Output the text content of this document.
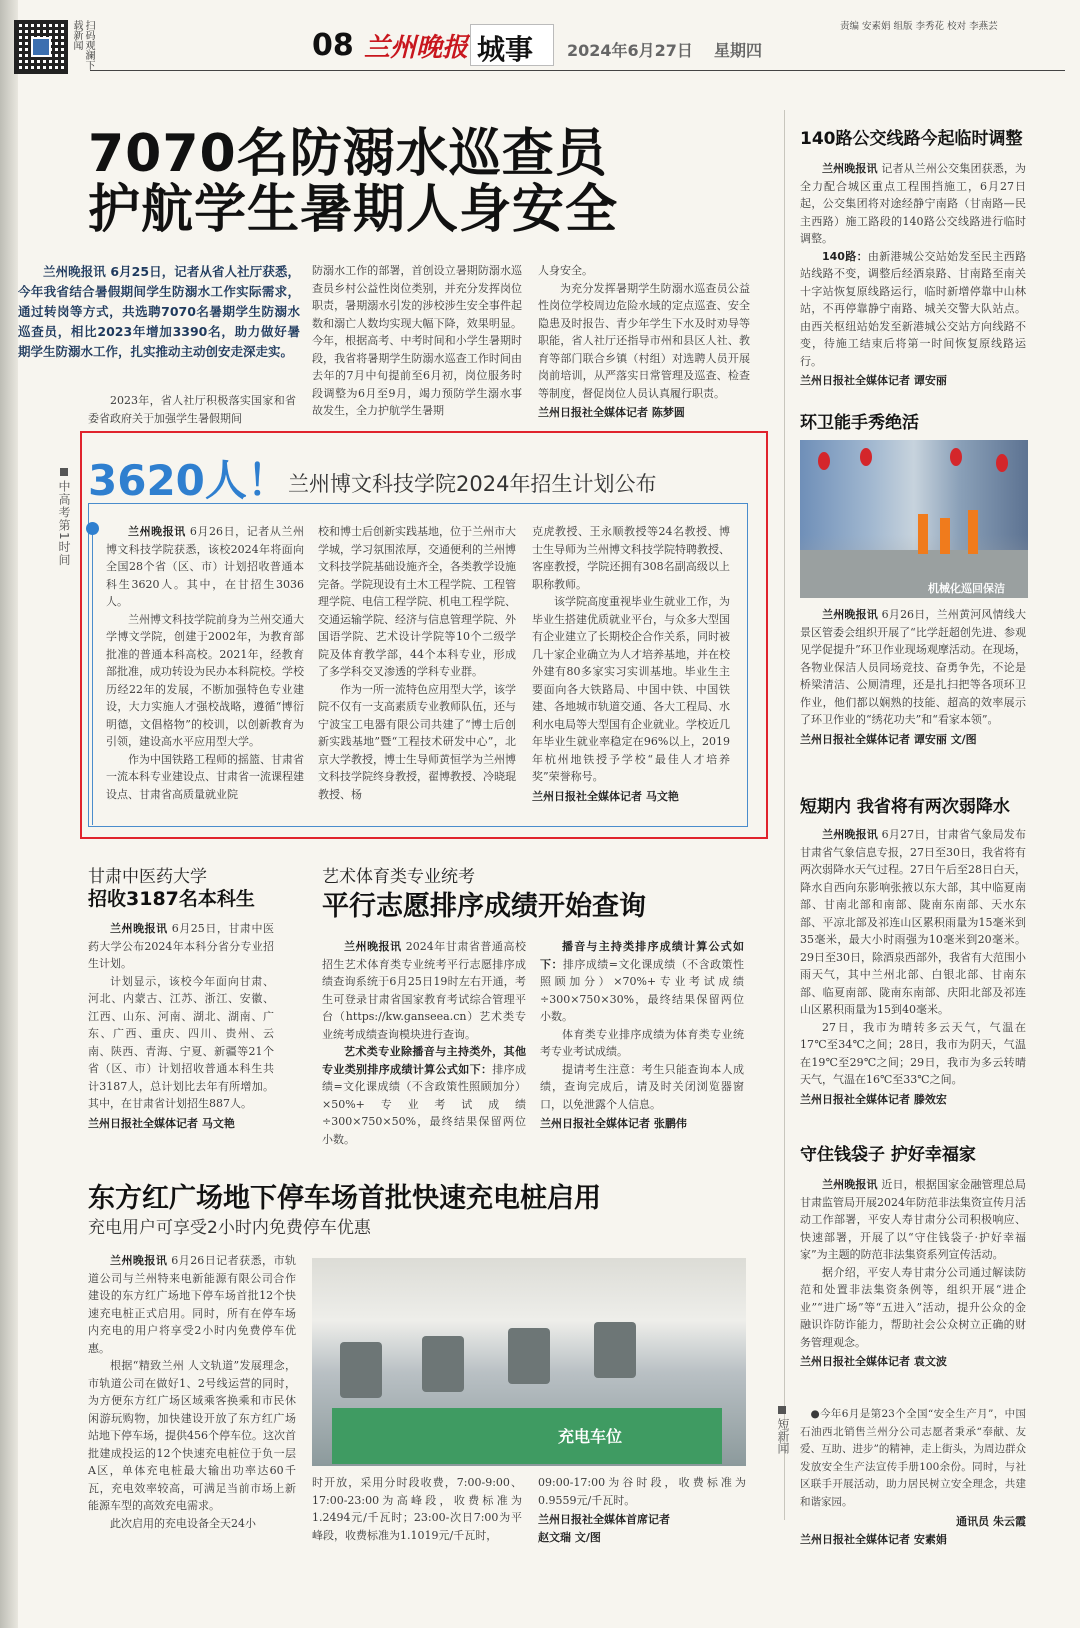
扫码观澜下载新闻	08 兰州晚报 城事 2024年6月27日 星期四
责编 安素娟 组版 李秀花 校对 李燕芸
7070名防溺水巡查员
护航学生暑期人身安全
兰州晚报讯 6月25日，记者从省人社厅获悉，今年我省结合暑假期间学生防溺水工作实际需求，通过转岗等方式，共选聘7070名暑期学生防溺水巡查员，相比2023年增加3390名，助力做好暑期学生防溺水工作，扎实推动主动创安走深走实。

2023年，省人社厅积极落实国家和省委省政府关于加强学生暑假期间

防溺水工作的部署，首创设立暑期防溺水巡查员乡村公益性岗位类别，并充分发挥岗位职责，暑期溺水引发的涉校涉生安全事件起数和溺亡人数均实现大幅下降，效果明显。今年，根据高考、中考时间和小学生暑期时段，我省将暑期学生防溺水巡查工作时间由去年的7月中旬提前至6月初，岗位服务时段调整为6月至9月，竭力预防学生溺水事故发生，全力护航学生暑期

人身安全。

为充分发挥暑期学生防溺水巡查员公益性岗位学校周边危险水域的定点巡查、安全隐患及时报告、青少年学生下水及时劝导等职能，省人社厅还指导市州和县区人社、教育等部门联合乡镇（村组）对选聘人员开展岗前培训，从严落实日常管理及巡查、检查等制度，督促岗位人员认真履行职责。

兰州日报社全媒体记者 陈梦圆
中高考第1时间 3620人！ 兰州博文科技学院2024年招生计划公布

兰州晚报讯 6月26日，记者从兰州博文科技学院获悉，该校2024年将面向全国28个省（区、市）计划招收普通本科生3620人。其中，在甘招生3036人。

兰州博文科技学院前身为兰州交通大学博文学院，创建于2002年，为教育部批准的普通本科高校。2021年，经教育部批准，成功转设为民办本科院校。学校历经22年的发展，不断加强特色专业建设，大力实施人才强校战略，遵循“博衍明德，文倡格物”的校训，以创新教育为引领，建设高水平应用型大学。

作为中国铁路工程师的摇篮、甘肃省一流本科专业建设点、甘肃省一流课程建设点、甘肃省高质量就业院

校和博士后创新实践基地，位于兰州市大学城，学习氛围浓厚，交通便利的兰州博文科技学院基础设施齐全，各类教学设施完备。学院现设有土木工程学院、工程管理学院、电信工程学院、机电工程学院、交通运输学院、经济与信息管理学院、外国语学院、艺术设计学院等10个二级学院及体育教学部，44个本科专业，形成了多学科交叉渗透的学科专业群。

作为一所一流特色应用型大学，该学院不仅有一支高素质专业教师队伍，还与宁波宝工电器有限公司共建了“博士后创新实践基地”暨“工程技术研发中心”，北京大学教授，博士生导师黄恒学为兰州博文科技学院终身教授，翟博教授、冷晓琨教授、杨

克虎教授、王永顺教授等24名教授、博士生导师为兰州博文科技学院特聘教授、客座教授，学院还拥有308名副高级以上职称教师。

该学院高度重视毕业生就业工作，为毕业生搭建优质就业平台，与众多大型国有企业建立了长期校企合作关系，同时被几十家企业确立为人才培养基地，并在校外建有80多家实习实训基地。毕业生主要面向各大铁路局、中国中铁、中国铁建、各地城市轨道交通、各大工程局、水利水电局等大型国有企业就业。学校近几年毕业生就业率稳定在96%以上，2019年杭州地铁授予学校“最佳人才培养奖”荣誉称号。

兰州日报社全媒体记者 马文艳
甘肃中医药大学
招收3187名本科生

兰州晚报讯 6月25日，甘肃中医药大学公布2024年本科分省分专业招生计划。

计划显示，该校今年面向甘肃、河北、内蒙古、江苏、浙江、安徽、江西、山东、河南、湖北、湖南、广东、广西、重庆、四川、贵州、云南、陕西、青海、宁夏、新疆等21个省（区、市）计划招收普通本科生共计3187人，总计划比去年有所增加。其中，在甘肃省计划招生887人。

兰州日报社全媒体记者 马文艳
艺术体育类专业统考
平行志愿排序成绩开始查询

兰州晚报讯 2024年甘肃省普通高校招生艺术体育类专业统考平行志愿排序成绩查询系统于6月25日19时左右开通，考生可登录甘肃省国家教育考试综合管理平台（https://kw.ganseea.cn）艺术类专业统考成绩查询模块进行查询。

艺术类专业除播音与主持类外，其他专业类别排序成绩计算公式如下：排序成绩=文化课成绩（不含政策性照顾加分）×50%+专业考试成绩÷300×750×50%，最终结果保留两位小数。

播音与主持类排序成绩计算公式如下：排序成绩=文化课成绩（不含政策性照顾加分）×70%+专业考试成绩÷300×750×30%，最终结果保留两位小数。

体育类专业排序成绩为体育类专业统考专业考试成绩。

提请考生注意：考生只能查询本人成绩，查询完成后，请及时关闭浏览器窗口，以免泄露个人信息。

兰州日报社全媒体记者 张鹏伟
东方红广场地下停车场首批快速充电桩启用
充电用户可享受2小时内免费停车优惠

兰州晚报讯 6月26日记者获悉，市轨道公司与兰州特来电新能源有限公司合作建设的东方红广场地下停车场首批12个快速充电桩正式启用。同时，所有在停车场内充电的用户将享受2小时内免费停车优惠。

根据“精致兰州 人文轨道”发展理念，市轨道公司在做好1、2号线运营的同时，为方便东方红广场区域乘客换乘和市民休闲游玩购物，加快建设开放了东方红广场站地下停车场，提供456个停车位。这次首批建成投运的12个快速充电桩位于负一层A区，单体充电桩最大输出功率达60千瓦，充电效率较高，可满足当前市场上新能源车型的高效充电需求。

此次启用的充电设备全天24小

充电车位

时开放，采用分时段收费，7:00-9:00、17:00-23:00为高峰段，收费标准为1.2494元/千瓦时；23:00-次日7:00为平峰段，收费标准为1.1019元/千瓦时，

09:00-17:00为谷时段，收费标准为0.9559元/千瓦时。

兰州日报社全媒体首席记者
赵文瑞 文/图
140路公交线路今起临时调整

兰州晚报讯 记者从兰州公交集团获悉，为全力配合城区重点工程围挡施工，6月27日起，公交集团将对途经静宁南路（甘南路—民主西路）施工路段的140路公交线路进行临时调整。

140路：由新港城公交站始发至民主西路站线路不变，调整后经酒泉路、甘南路至南关十字站恢复原线路运行，临时新增停靠中山林站，不再停靠静宁南路、城关交警大队站点。由西关枢纽站始发至新港城公交站方向线路不变，待施工结束后将第一时间恢复原线路运行。

兰州日报社全媒体记者 谭安丽
环卫能手秀绝活
机械化巡回保洁

兰州晚报讯 6月26日，兰州黄河风情线大景区管委会组织开展了“比学赶超创先进、参观见学促提升”环卫作业现场观摩活动。在现场，各物业保洁人员同场竞技、奋勇争先，不论是桥梁清洁、公厕清理，还是扎扫把等各项环卫作业，他们都以娴熟的技能、超高的效率展示了环卫作业的“绣花功夫”和“看家本领”。

兰州日报社全媒体记者 谭安丽 文/图
短期内 我省将有两次弱降水

兰州晚报讯 6月27日，甘肃省气象局发布甘肃省气象信息专报，27日至30日，我省将有两次弱降水天气过程。27日午后至28日白天，降水自西向东影响张掖以东大部，其中临夏南部、甘南北部和南部、陇南东南部、天水东部、平凉北部及祁连山区累积雨量为15毫米到35毫米，最大小时雨强为10毫米到20毫米。29日至30日，除酒泉西部外，我省有大范围小雨天气，其中兰州北部、白银北部、甘南东部、临夏南部、陇南东南部、庆阳北部及祁连山区累积雨量为15到40毫米。

27日，我市为晴转多云天气，气温在17℃至34℃之间；28日，我市为阴天，气温在19℃至29℃之间；29日，我市为多云转晴天气，气温在16℃至33℃之间。

兰州日报社全媒体记者 滕效宏
守住钱袋子 护好幸福家

兰州晚报讯 近日，根据国家金融管理总局甘肃监管局开展2024年防范非法集资宣传月活动工作部署，平安人寿甘肃分公司积极响应、快速部署，开展了以“守住钱袋子·护好幸福家”为主题的防范非法集资系列宣传活动。

据介绍，平安人寿甘肃分公司通过解读防范和处置非法集资条例等，组织开展“进企业”“进广场”等“五进入”活动，提升公众的金融识诈防诈能力，帮助社会公众树立正确的财务管理观念。

兰州日报社全媒体记者 袁文波
短新闻

●今年6月是第23个全国“安全生产月”，中国石油西北销售兰州分公司志愿者秉承“奉献、友爱、互助、进步”的精神，走上街头，为周边群众发放安全生产法宣传手册100余份。同时，与社区联手开展活动，助力居民树立安全理念，共建和谐家园。

通讯员 朱云霞
兰州日报社全媒体记者 安素娟
